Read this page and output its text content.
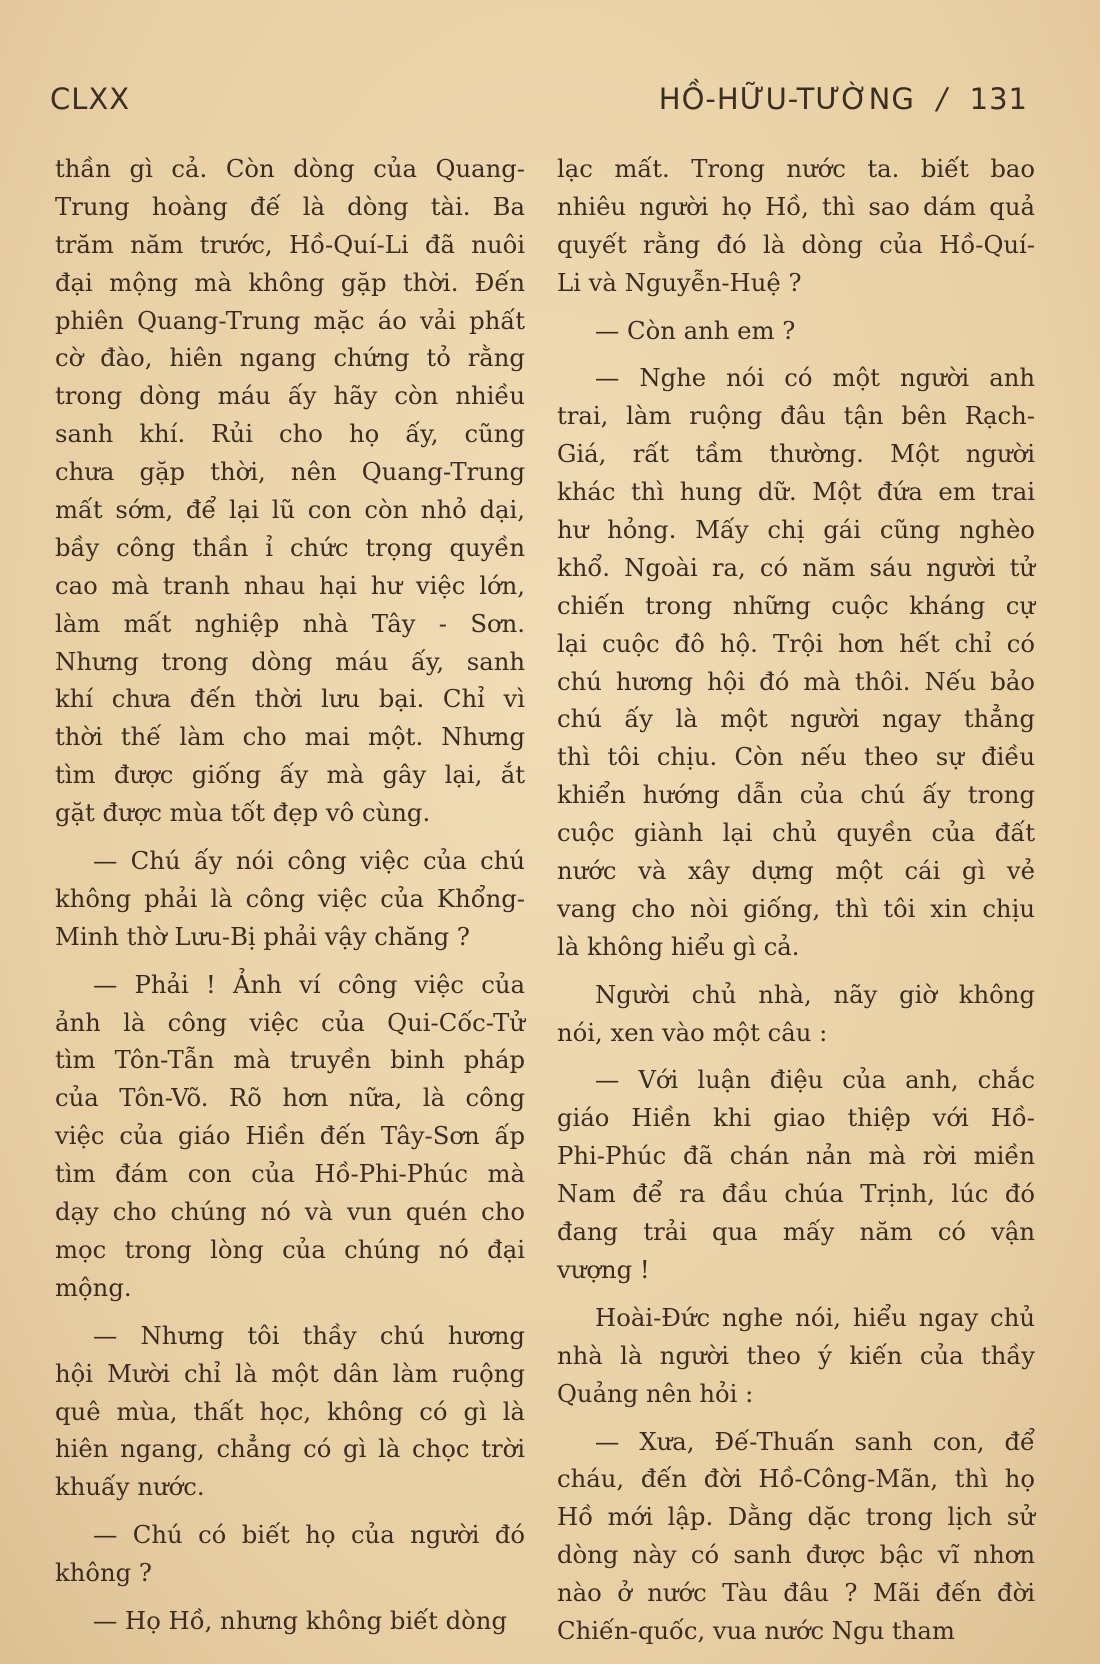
CLXX	HỒ-HỮU-TƯỜNG / 131
thần gì cả. Còn dòng của Quang-
Trung hoàng đế là dòng tài. Ba
trăm năm trước, Hồ-Quí-Li đã nuôi
đại mộng mà không gặp thời. Đến
phiên Quang-Trung mặc áo vải phất
cờ đào, hiên ngang chứng tỏ rằng
trong dòng máu ấy hãy còn nhiều
sanh khí. Rủi cho họ ấy, cũng
chưa gặp thời, nên Quang-Trung
mất sớm, để lại lũ con còn nhỏ dại,
bầy công thần ỉ chức trọng quyền
cao mà tranh nhau hại hư việc lớn,
làm mất nghiệp nhà Tây - Sơn.
Nhưng trong dòng máu ấy, sanh
khí chưa đến thời lưu bại. Chỉ vì
thời thế làm cho mai một. Nhưng
tìm được giống ấy mà gây lại, ắt
gặt được mùa tốt đẹp vô cùng.
— Chú ấy nói công việc của chú
không phải là công việc của Khổng-
Minh thờ Lưu-Bị phải vậy chăng ?
— Phải ! Ảnh ví công việc của
ảnh là công việc của Qui-Cốc-Tử
tìm Tôn-Tẫn mà truyền binh pháp
của Tôn-Võ. Rõ hơn nữa, là công
việc của giáo Hiền đến Tây-Sơn ấp
tìm đám con của Hồ-Phi-Phúc mà
dạy cho chúng nó và vun quén cho
mọc trong lòng của chúng nó đại
mộng.
— Nhưng tôi thầy chú hương
hội Mười chỉ là một dân làm ruộng
quê mùa, thất học, không có gì là
hiên ngang, chẳng có gì là chọc trời
khuấy nước.
— Chú có biết họ của người đó
không ?
— Họ Hồ, nhưng không biết dòng
lạc mất. Trong nước ta. biết bao
nhiêu người họ Hồ, thì sao dám quả
quyết rằng đó là dòng của Hồ-Quí-
Li và Nguyễn-Huệ ?
— Còn anh em ?
— Nghe nói có một người anh
trai, làm ruộng đâu tận bên Rạch-
Giá, rất tầm thường. Một người
khác thì hung dữ. Một đứa em trai
hư hỏng. Mấy chị gái cũng nghèo
khổ. Ngoài ra, có năm sáu người tử
chiến trong những cuộc kháng cự
lại cuộc đô hộ. Trội hơn hết chỉ có
chú hương hội đó mà thôi. Nếu bảo
chú ấy là một người ngay thẳng
thì tôi chịu. Còn nếu theo sự điều
khiển hướng dẫn của chú ấy trong
cuộc giành lại chủ quyền của đất
nước và xây dựng một cái gì vẻ
vang cho nòi giống, thì tôi xin chịu
là không hiểu gì cả.
Người chủ nhà, nãy giờ không
nói, xen vào một câu :
— Với luận điệu của anh, chắc
giáo Hiền khi giao thiệp với Hồ-
Phi-Phúc đã chán nản mà rời miền
Nam để ra đầu chúa Trịnh, lúc đó
đang trải qua mấy năm có vận
vượng !
Hoài-Đức nghe nói, hiểu ngay chủ
nhà là người theo ý kiến của thầy
Quảng nên hỏi :
— Xưa, Đế-Thuấn sanh con, để
cháu, đến đời Hồ-Công-Mãn, thì họ
Hồ mới lập. Dằng dặc trong lịch sử
dòng này có sanh được bậc vĩ nhơn
nào ở nước Tàu đâu ? Mãi đến đời
Chiến-quốc, vua nước Ngu tham
